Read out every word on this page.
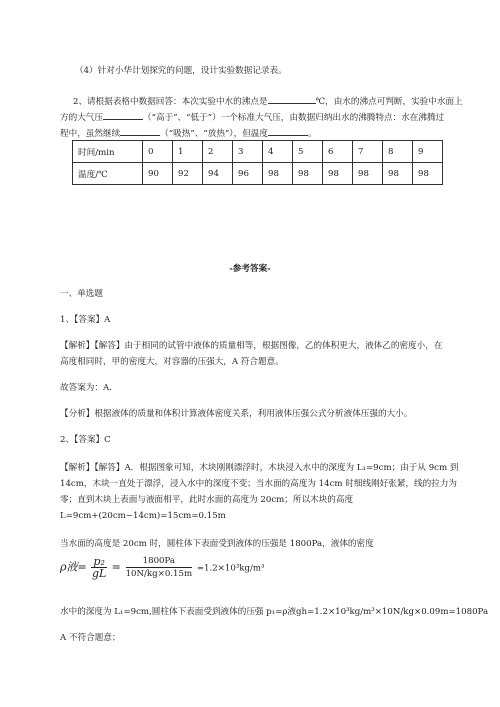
（4）针对小华计划探究的问题，设计实验数据记录表。
2、请根据表格中数据回答：本次实验中水的沸点是	℃，由水的沸点可判断，实验中水面上
方的大气压	（“高于”、“低于”）一个标准大气压，由数据归纳出水的沸腾特点：水在沸腾过
程中，虽然继续	（“吸热”、“放热”），但温度	。
时间/min	0	1	2	3	4	5	6	7	8	9
温度/℃	90	92	94	96	98	98	98	98	98	98
-参考答案-
一、单选题
1、【答案】A
【解析】【解答】由于相同的试管中液体的质量相等，根据图像，乙的体积更大，液体乙的密度小，在
高度相同时，甲的密度大，对容器的压强大，A 符合题意。
故答案为：A.
【分析】根据液体的质量和体积计算液体密度关系，利用液体压强公式分析液体压强的大小。
2、【答案】C
【解析】【解答】A．根据图象可知，木块刚刚漂浮时，木块浸入水中的深度为 L₁=9cm；由于从 9cm 到
14cm，木块一直处于漂浮，浸入水中的深度不变；当水面的高度为 14cm 时细线刚好张紧，线的拉力为
零；直到木块上表面与液面相平，此时水面的高度为 20cm；所以木块的高度
L=9cm+(20cm−14cm)=15cm=0.15m
当水面的高度是 20cm 时，圆柱体下表面受到液体的压强是 1800Pa，液体的密度
ρ液= $\frac{\text{p₂}}{gL} = \frac{1800Pa}{10N/kg\times 0.15m} =1.2\times 10^3kg/m^3$
水中的深度为 L₁=9cm,圆柱体下表面受到液体的压强 p₁=ρ液gh=1.2×10³kg/m³×10N/kg×0.09m=1080Pa
A 不符合题意；
